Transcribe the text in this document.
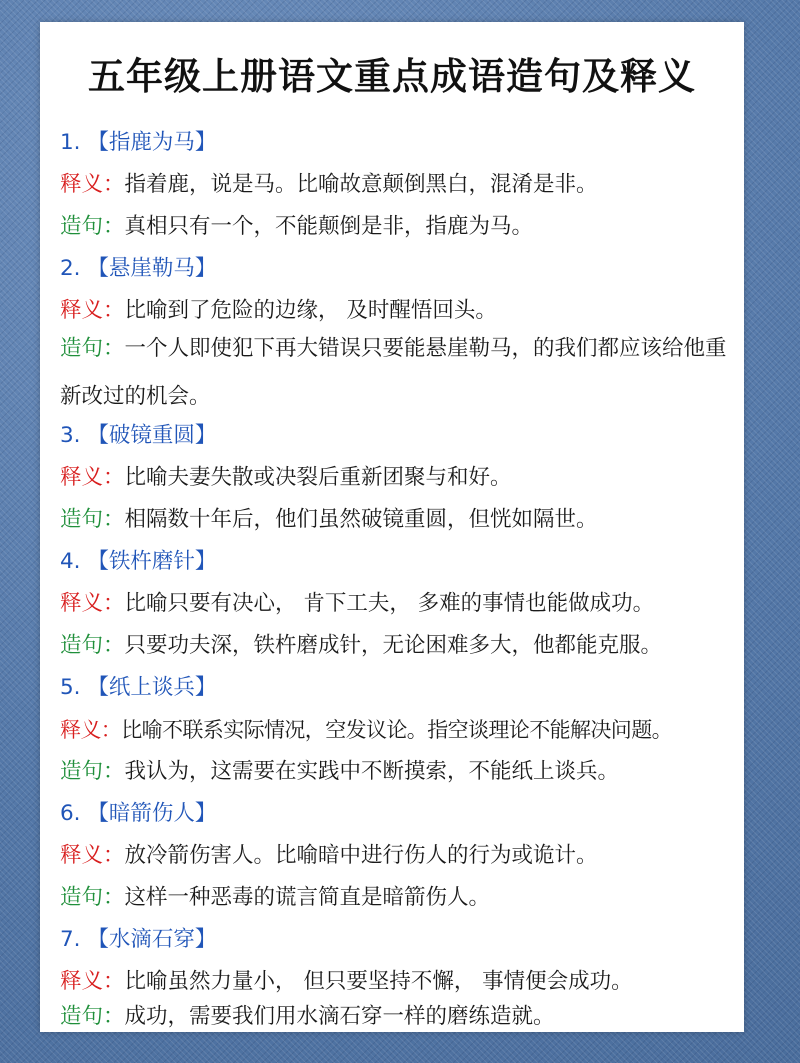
五年级上册语文重点成语造句及释义
1. 【指鹿为马】
释义：指着鹿，说是马。比喻故意颠倒黑白，混淆是非。
造句：真相只有一个，不能颠倒是非，指鹿为马。
2. 【悬崖勒马】
释义：比喻到了危险的边缘， 及时醒悟回头。
造句：一个人即使犯下再大错误只要能悬崖勒马，的我们都应该给他重新改过的机会。
3. 【破镜重圆】
释义：比喻夫妻失散或决裂后重新团聚与和好。
造句：相隔数十年后，他们虽然破镜重圆，但恍如隔世。
4. 【铁杵磨针】
释义：比喻只要有决心， 肯下工夫， 多难的事情也能做成功。
造句：只要功夫深，铁杵磨成针，无论困难多大，他都能克服。
5. 【纸上谈兵】
释义：比喻不联系实际情况，空发议论。指空谈理论不能解决问题。
造句：我认为，这需要在实践中不断摸索，不能纸上谈兵。
6. 【暗箭伤人】
释义：放冷箭伤害人。比喻暗中进行伤人的行为或诡计。
造句：这样一种恶毒的谎言简直是暗箭伤人。
7. 【水滴石穿】
释义：比喻虽然力量小， 但只要坚持不懈， 事情便会成功。
造句：成功，需要我们用水滴石穿一样的磨练造就。
